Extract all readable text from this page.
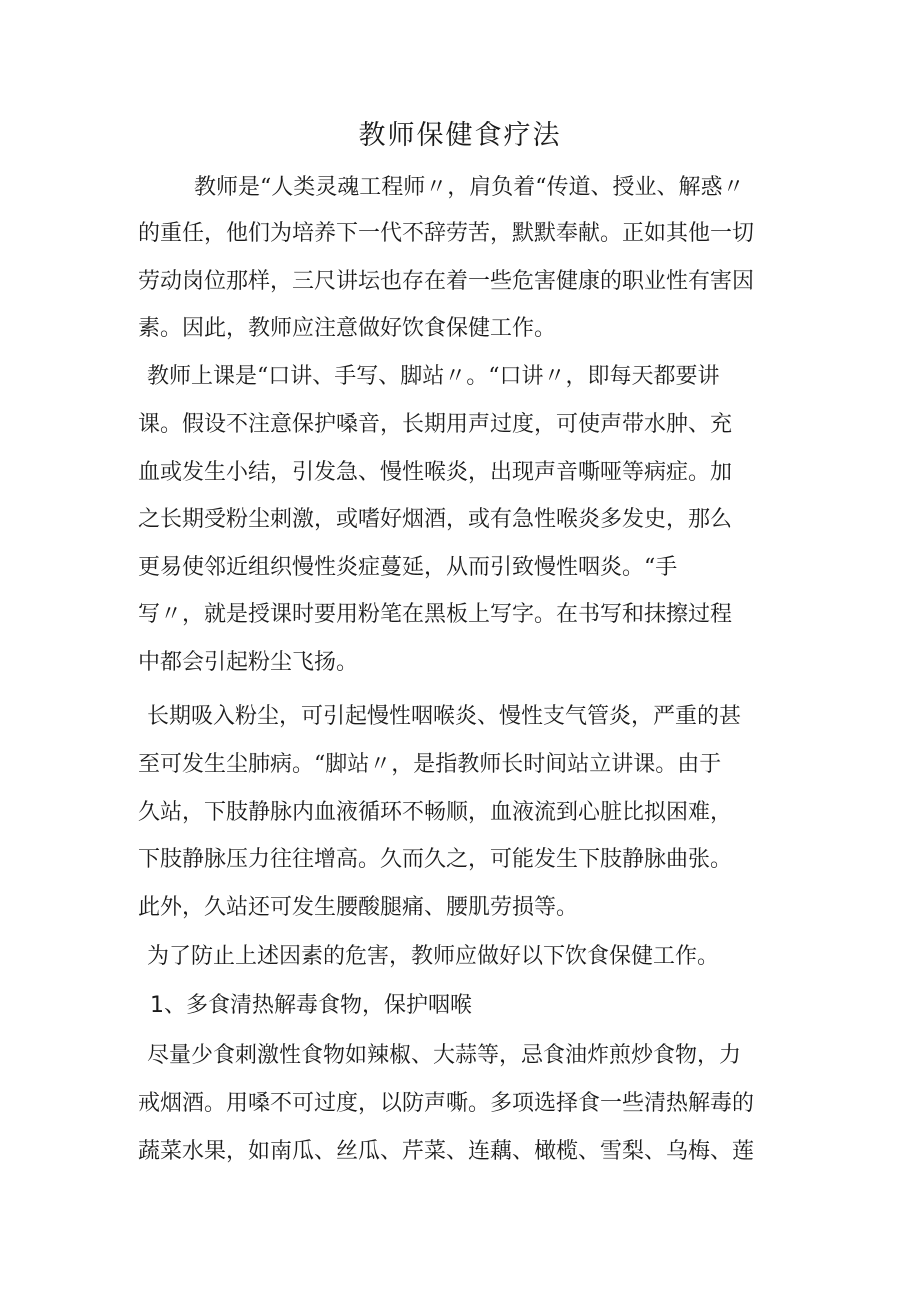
教师保健食疗法

教师是“人类灵魂工程师〃，肩负着“传道、授业、解惑〃

的重任，他们为培养下一代不辞劳苦，默默奉献。正如其他一切

劳动岗位那样，三尺讲坛也存在着一些危害健康的职业性有害因

素。因此，教师应注意做好饮食保健工作。

教师上课是“口讲、手写、脚站〃。“口讲〃，即每天都要讲

课。假设不注意保护嗓音，长期用声过度，可使声带水肿、充

血或发生小结，引发急、慢性喉炎，出现声音嘶哑等病症。加

之长期受粉尘刺激，或嗜好烟酒，或有急性喉炎多发史，那么

更易使邻近组织慢性炎症蔓延，从而引致慢性咽炎。“手

写〃，就是授课时要用粉笔在黑板上写字。在书写和抹擦过程

中都会引起粉尘飞扬。

长期吸入粉尘，可引起慢性咽喉炎、慢性支气管炎，严重的甚

至可发生尘肺病。“脚站〃，是指教师长时间站立讲课。由于

久站，下肢静脉内血液循环不畅顺，血液流到心脏比拟困难，

下肢静脉压力往往增高。久而久之，可能发生下肢静脉曲张。

此外，久站还可发生腰酸腿痛、腰肌劳损等。

为了防止上述因素的危害，教师应做好以下饮食保健工作。

1、多食清热解毒食物，保护咽喉

尽量少食刺激性食物如辣椒、大蒜等，忌食油炸煎炒食物，力

戒烟酒。用嗓不可过度，以防声嘶。多项选择食一些清热解毒的

蔬菜水果，如南瓜、丝瓜、芹菜、连藕、橄榄、雪梨、乌梅、莲
